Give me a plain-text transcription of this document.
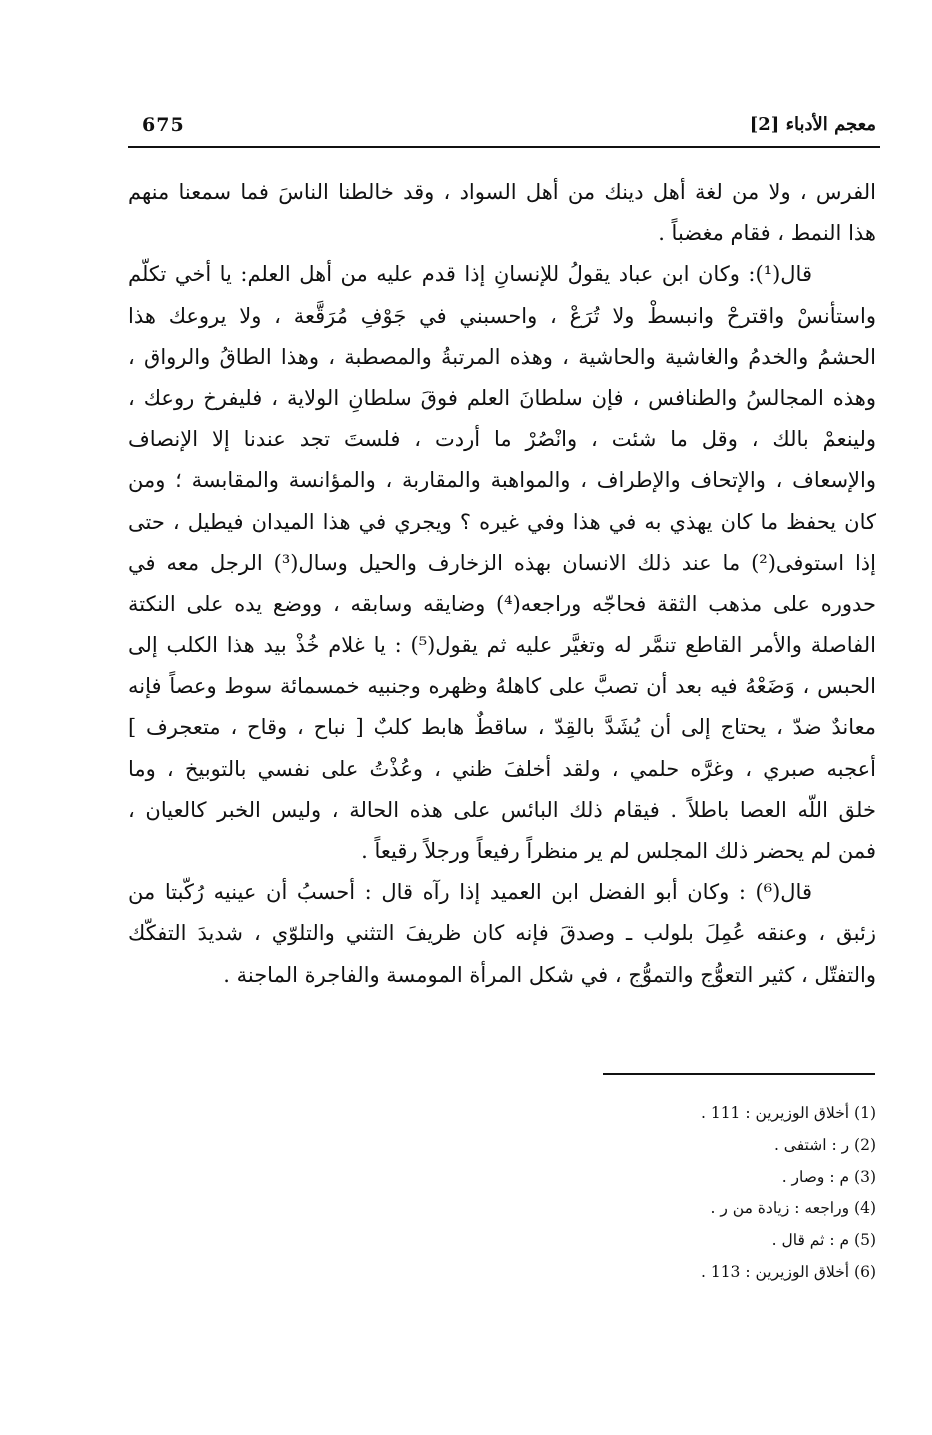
675	معجم الأدباء [2]
الفرس ، ولا من لغة أهل دينك من أهل السواد ، وقد خالطنا الناسَ فما سمعنا منهم
هذا النمط ، فقام مغضباً .
قال(¹): وكان ابن عباد يقولُ للإنسانِ إذا قدم عليه من أهل العلم: يا أخي تكلّم
واستأنسْ واقترحْ وانبسطْ ولا تُرَعْ ، واحسبني في جَوْفِ مُرَقَّعة ، ولا يروعك هذا
الحشمُ والخدمُ والغاشية والحاشية ، وهذه المرتبةُ والمصطبة ، وهذا الطاقُ والرواق ،
وهذه المجالسُ والطنافس ، فإن سلطانَ العلم فوقَ سلطانِ الولاية ، فليفرخ روعك ،
ولينعمْ بالك ، وقل ما شئت ، وانْصُرْ ما أردت ، فلستَ تجد عندنا إلا الإنصاف
والإسعاف ، والإتحاف والإطراف ، والمواهبة والمقاربة ، والمؤانسة والمقابسة ؛ ومن
كان يحفظ ما كان يهذي به في هذا وفي غيره ؟ ويجري في هذا الميدان فيطيل ، حتى
إذا استوفى(²) ما عند ذلك الانسان بهذه الزخارف والحيل وسال(³) الرجل معه في
حدوره على مذهب الثقة فحاجّه وراجعه(⁴) وضايقه وسابقه ، ووضع يده على النكتة
الفاصلة والأمر القاطع تنمَّر له وتغيَّر عليه ثم يقول(⁵) : يا غلام خُذْ بيد هذا الكلب إلى
الحبس ، وَضَعْهُ فيه بعد أن تصبَّ على كاهلهُ وظهره وجنبيه خمسمائة سوط وعصاً فإنه
معاندٌ ضدّ ، يحتاج إلى أن يُشَدَّ بالقِدّ ، ساقطٌ هابط كلبٌ [ نباح ، وقاح ، متعجرف ]
أعجبه صبري ، وغرَّه حلمي ، ولقد أخلفَ ظني ، وعُذْتُ على نفسي بالتوبيخ ، وما
خلق اللّه العصا باطلاً . فيقام ذلك البائس على هذه الحالة ، وليس الخبر كالعيان ،
فمن لم يحضر ذلك المجلس لم ير منظراً رفيعاً ورجلاً رقيعاً .
قال(⁶) : وكان أبو الفضل ابن العميد إذا رآه قال : أحسبُ أن عينيه رُكّبتا من
زئبق ، وعنقه عُمِلَ بلولب ـ وصدقَ فإنه كان ظريفَ التثني والتلوّي ، شديدَ التفكّك
والتفتّل ، كثير التعوُّج والتموُّج ، في شكل المرأة المومسة والفاجرة الماجنة .
(1) أخلاق الوزيرين : 111 .
(2) ر : اشتفى .
(3) م : وصار .
(4) وراجعه : زيادة من ر .
(5) م : ثم قال .
(6) أخلاق الوزيرين : 113 .
